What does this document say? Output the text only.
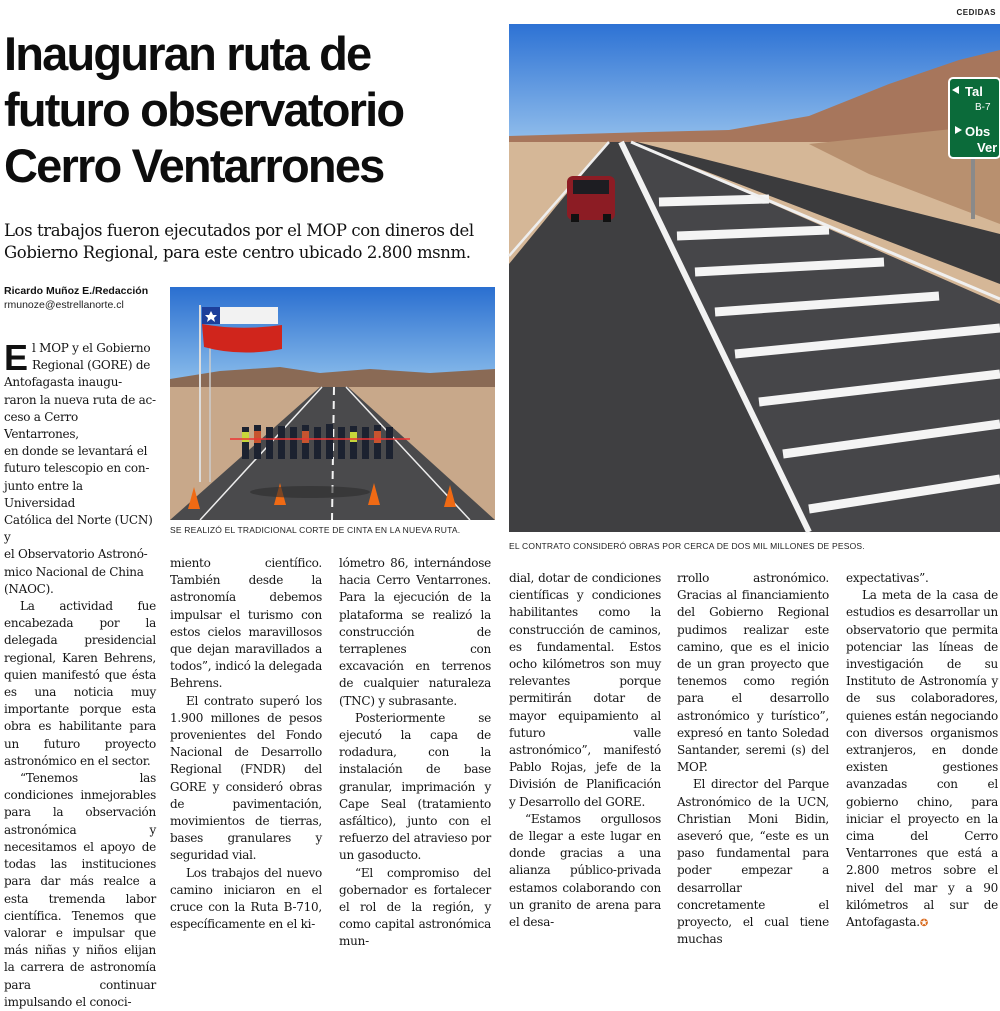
CEDIDAS
Inauguran ruta de
futuro observatorio
Cerro Ventarrones
Los trabajos fueron ejecutados por el MOP con dineros del Gobierno Regional, para este centro ubicado 2.800 msnm.
Ricardo Muñoz E./Redacción
rmunoze@estrellanorte.cl
SE REALIZÓ EL TRADICIONAL CORTE DE CINTA EN LA NUEVA RUTA.
Tal
B-7
Obs
Ver
EL CONTRATO CONSIDERÓ OBRAS POR CERCA DE DOS MIL MILLONES DE PESOS.
E l MOP y el Gobierno
Regional (GORE) de
Antofagasta inaugu-
raron la nueva ruta de ac-
ceso a Cerro Ventarrones,
en donde se levantará el
futuro telescopio en con-
junto entre la Universidad
Católica del Norte (UCN) y
el Observatorio Astronó-
mico Nacional de China
(NAOC).

La actividad fue encabezada por la delegada presidencial regional, Karen Behrens, quien manifestó que ésta es una noticia muy importante porque esta obra es habilitante para un futuro proyecto astronómico en el sector.

“Tenemos las condiciones inmejorables para la observación astronómica y necesitamos el apoyo de todas las instituciones para dar más realce a esta tremenda labor científica. Tenemos que valorar e impulsar que más niñas y niños elijan la carrera de astronomía para continuar impulsando el conoci-

miento científico. También desde la astronomía debemos impulsar el turismo con estos cielos maravillosos que dejan maravillados a todos”, indicó la delegada Behrens.

El contrato superó los 1.900 millones de pesos provenientes del Fondo Nacional de Desarrollo Regional (FNDR) del GORE y consideró obras de pavimentación, movimientos de tierras, bases granulares y seguridad vial.

Los trabajos del nuevo camino iniciaron en el cruce con la Ruta B-710, específicamente en el ki-

lómetro 86, internándose hacia Cerro Ventarrones. Para la ejecución de la plataforma se realizó la construcción de terraplenes con excavación en terrenos de cualquier naturaleza (TNC) y subrasante.

Posteriormente se ejecutó la capa de rodadura, con la instalación de base granular, imprimación y Cape Seal (tratamiento asfáltico), junto con el refuerzo del atravieso por un gasoducto.

“El compromiso del gobernador es fortalecer el rol de la región, y como capital astronómica mun-

dial, dotar de condiciones científicas y condiciones habilitantes como la construcción de caminos, es fundamental. Estos ocho kilómetros son muy relevantes porque permitirán dotar de mayor equipamiento al futuro valle astronómico”, manifestó Pablo Rojas, jefe de la División de Planificación y Desarrollo del GORE.

“Estamos orgullosos de llegar a este lugar en donde gracias a una alianza público-privada estamos colaborando con un granito de arena para el desa-

rrollo astronómico. Gracias al financiamiento del Gobierno Regional pudimos realizar este camino, que es el inicio de un gran proyecto que tenemos como región para el desarrollo astronómico y turístico”, expresó en tanto Soledad Santander, seremi (s) del MOP.

El director del Parque Astronómico de la UCN, Christian Moni Bidin, aseveró que, “este es un paso fundamental para poder empezar a desarrollar concretamente el proyecto, el cual tiene muchas

expectativas”.

La meta de la casa de estudios es desarrollar un observatorio que permita potenciar las líneas de investigación de su Instituto de Astronomía y de sus colaboradores, quienes están negociando con diversos organismos extranjeros, en donde existen gestiones avanzadas con el gobierno chino, para iniciar el proyecto en la cima del Cerro Ventarrones que está a 2.800 metros sobre el nivel del mar y a 90 kilómetros al sur de Antofagasta.✪
